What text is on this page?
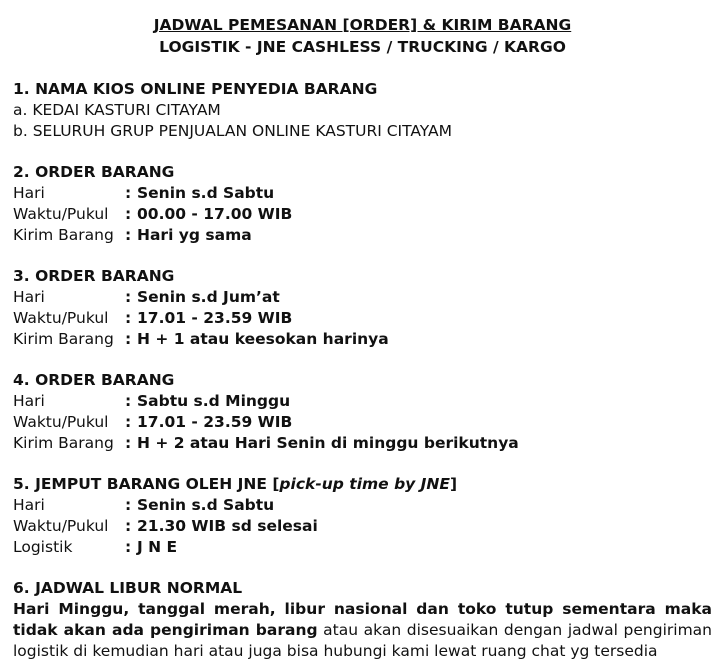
JADWAL PEMESANAN [ORDER] & KIRIM BARANG
LOGISTIK - JNE CASHLESS / TRUCKING / KARGO
1. NAMA KIOS ONLINE PENYEDIA BARANG
a. KEDAI KASTURI CITAYAM
b. SELURUH GRUP PENJUALAN ONLINE KASTURI CITAYAM
2. ORDER BARANG
Hari	: Senin s.d Sabtu
Waktu/Pukul	: 00.00 - 17.00 WIB
Kirim Barang : Hari yg sama
3. ORDER BARANG
Hari	: Senin s.d Jum’at
Waktu/Pukul	: 17.01 - 23.59 WIB
Kirim Barang : H + 1 atau keesokan harinya
4. ORDER BARANG
Hari	: Sabtu s.d Minggu
Waktu/Pukul	: 17.01 - 23.59 WIB
Kirim Barang : H + 2 atau Hari Senin di minggu berikutnya
5. JEMPUT BARANG OLEH JNE [pick-up time by JNE]
Hari	: Senin s.d Sabtu
Waktu/Pukul	: 21.30 WIB sd selesai
Logistik	: J N E
6. JADWAL LIBUR NORMAL
Hari Minggu, tanggal merah, libur nasional dan toko tutup sementara maka tidak akan ada pengiriman barang atau akan disesuaikan dengan jadwal pengiriman logistik di kemudian hari atau juga bisa hubungi kami lewat ruang chat yg tersedia
